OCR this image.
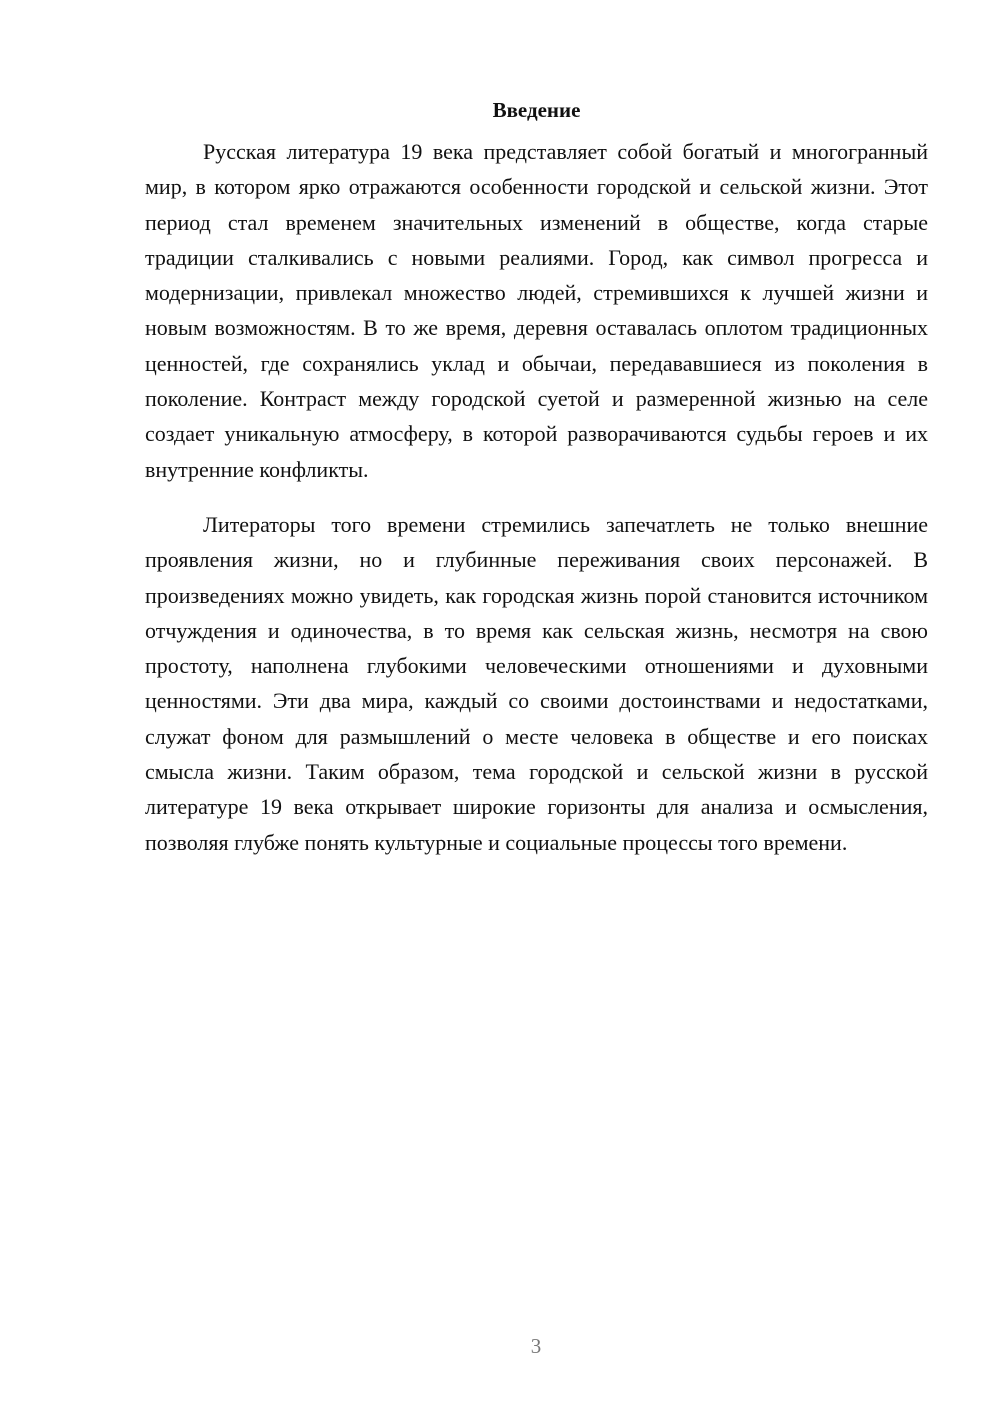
Введение

Русская литература 19 века представляет собой богатый и многогранный мир, в котором ярко отражаются особенности городской и сельской жизни. Этот период стал временем значительных изменений в обществе, когда старые традиции сталкивались с новыми реалиями. Город, как символ прогресса и модернизации, привлекал множество людей, стремившихся к лучшей жизни и новым возможностям. В то же время, деревня оставалась оплотом традиционных ценностей, где сохранялись уклад и обычаи, передававшиеся из поколения в поколение. Контраст между городской суетой и размеренной жизнью на селе создает уникальную атмосферу, в которой разворачиваются судьбы героев и их внутренние конфликты.

Литераторы того времени стремились запечатлеть не только внешние проявления жизни, но и глубинные переживания своих персонажей. В произведениях можно увидеть, как городская жизнь порой становится источником отчуждения и одиночества, в то время как сельская жизнь, несмотря на свою простоту, наполнена глубокими человеческими отношениями и духовными ценностями. Эти два мира, каждый со своими достоинствами и недостатками, служат фоном для размышлений о месте человека в обществе и его поисках смысла жизни. Таким образом, тема городской и сельской жизни в русской литературе 19 века открывает широкие горизонты для анализа и осмысления, позволяя глубже понять культурные и социальные процессы того времени.

3
